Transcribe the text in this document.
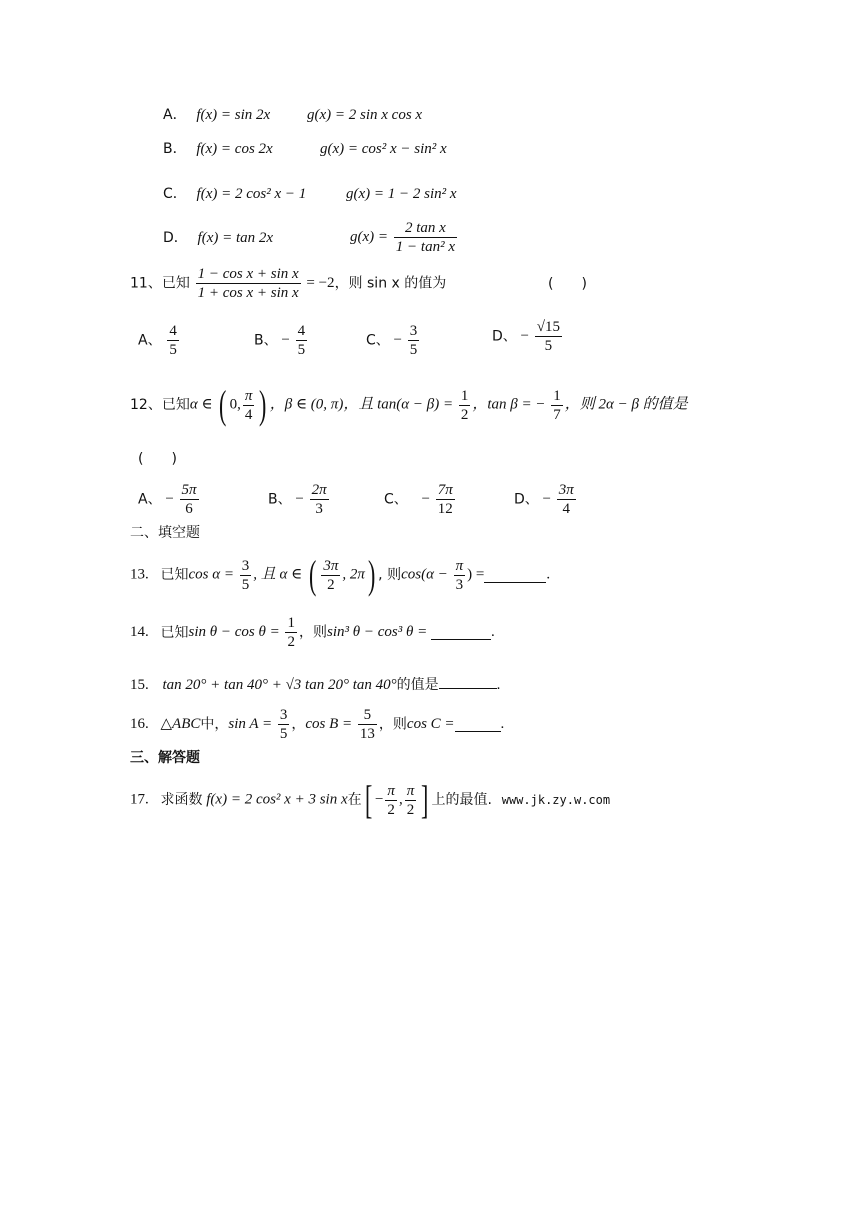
A． f(x) = sin 2x g(x) = 2 sin x cos x
B． f(x) = cos 2x	g(x) = cos² x − sin² x
C． f(x) = 2 cos² x − 1	g(x) = 1 − 2 sin² x
D． f(x) = tan 2x	$g(x) = \frac{\text{2 tan x}}{\text{1 − tan² x}}$
11、已知 $\frac{\text{1 − cos x + sin x}}{\text{1 + cos x + sin x}} = -2$，则 sin x 的值为	(　　)
A、 $\frac{4}{5}$	B、 − $\frac{4}{5}$	C、 − $\frac{3}{5}$	D、 − $\frac{√15}{5}$
12、已知α ∈ ( 0, $\frac{\pi}{4}$ ) ，β ∈ (0, π)，且 $\tan(\alpha - \beta) = \frac{1}{2}$ ，tan β = − $\frac{1}{7}$ ，则 2α − β 的值是
(　　)
A、 − $\frac{5\pi}{6}$	B、 − $\frac{2\pi}{3}$	C、 − $\frac{7\pi}{12}$	D、 − $\frac{3\pi}{4}$
二、填空题
13. 已知$\cos \alpha = \frac{3}{5}$ , 且 α ∈ ( $\frac{3\pi}{2}$ , 2π) , 则$\cos(\alpha - \frac{\pi}{3}$ ) =	.
14. 已知$\sin \theta - \cos \theta = \frac{1}{2}$ ，则sin³ θ − cos³ θ =	.
15. tan 20° + tan 40° + √3 tan 20° tan 40°的值是	.
16. △ABC中，$\sin A = \frac{3}{5}$ ，$\cos B = \frac{5}{13}$ ，则cos C =	.
三、解答题
17. 求函数 f(x) = 2 cos² x + 3 sin x在[ − $\frac{\pi}{2}$ , $\frac{\pi}{2}$ ] 上的最值. www.jk.zy.w.com
